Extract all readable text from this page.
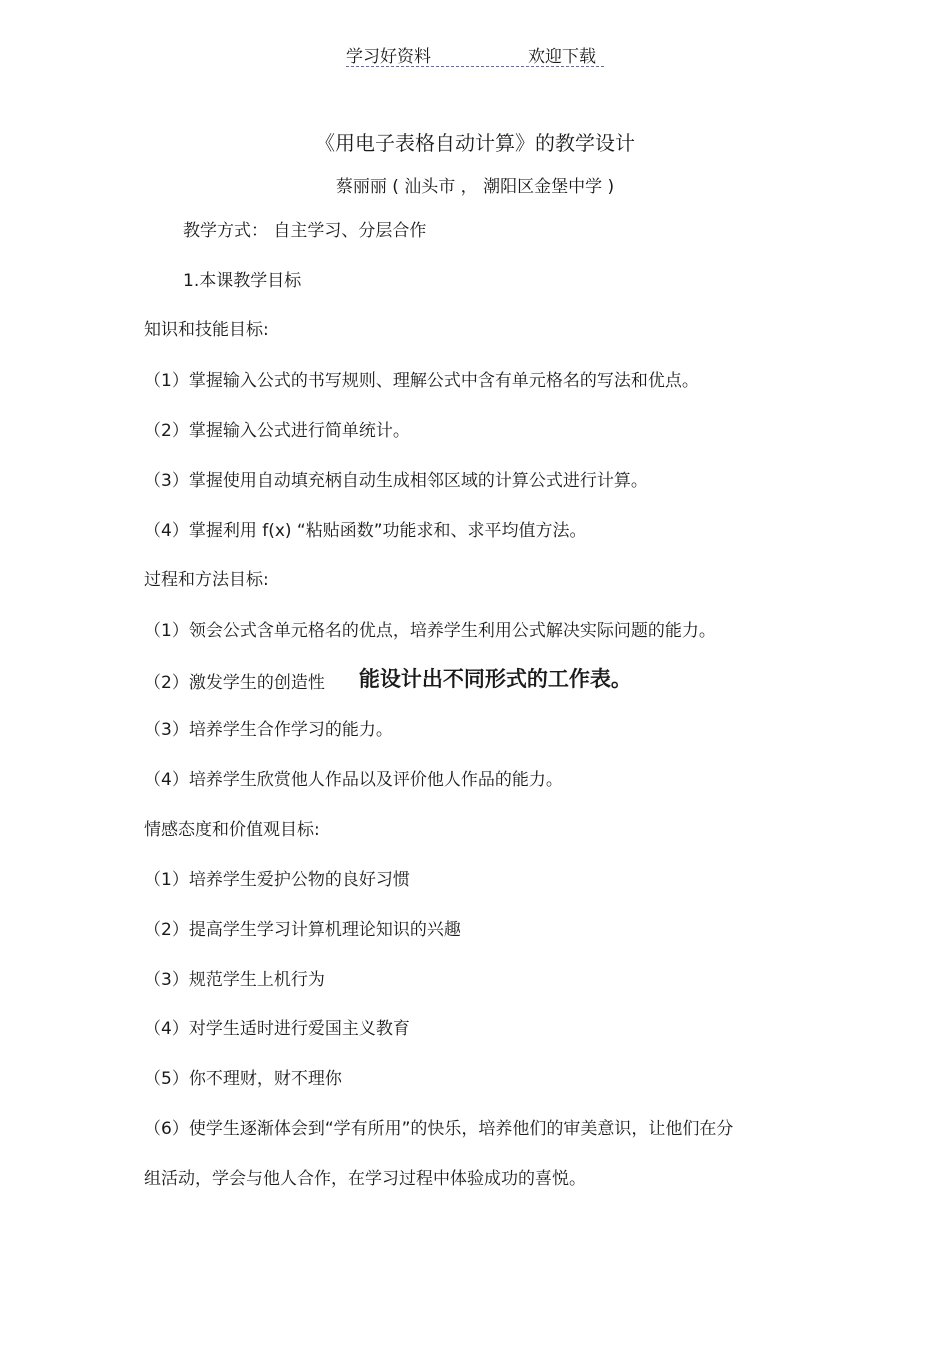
学习好资料	欢迎下载
《用电子表格自动计算》的教学设计
蔡丽丽 ( 汕头市 ， 潮阳区金堡中学 )
教学方式： 自主学习、分层合作
1.本课教学目标
知识和技能目标:
（1）掌握输入公式的书写规则、理解公式中含有单元格名的写法和优点。
（2）掌握输入公式进行简单统计。
（3）掌握使用自动填充柄自动生成相邻区域的计算公式进行计算。
（4）掌握利用 f(x) “粘贴函数”功能求和、求平均值方法。
过程和方法目标:
（1）领会公式含单元格名的优点，培养学生利用公式解决实际问题的能力。
（2）激发学生的创造性 能设计出不同形式的工作表。
（3）培养学生合作学习的能力。
（4）培养学生欣赏他人作品以及评价他人作品的能力。
情感态度和价值观目标:
（1）培养学生爱护公物的良好习惯
（2）提高学生学习计算机理论知识的兴趣
（3）规范学生上机行为
（4）对学生适时进行爱国主义教育
（5）你不理财，财不理你
（6）使学生逐渐体会到“学有所用”的快乐，培养他们的审美意识，让他们在分
组活动，学会与他人合作，在学习过程中体验成功的喜悦。
